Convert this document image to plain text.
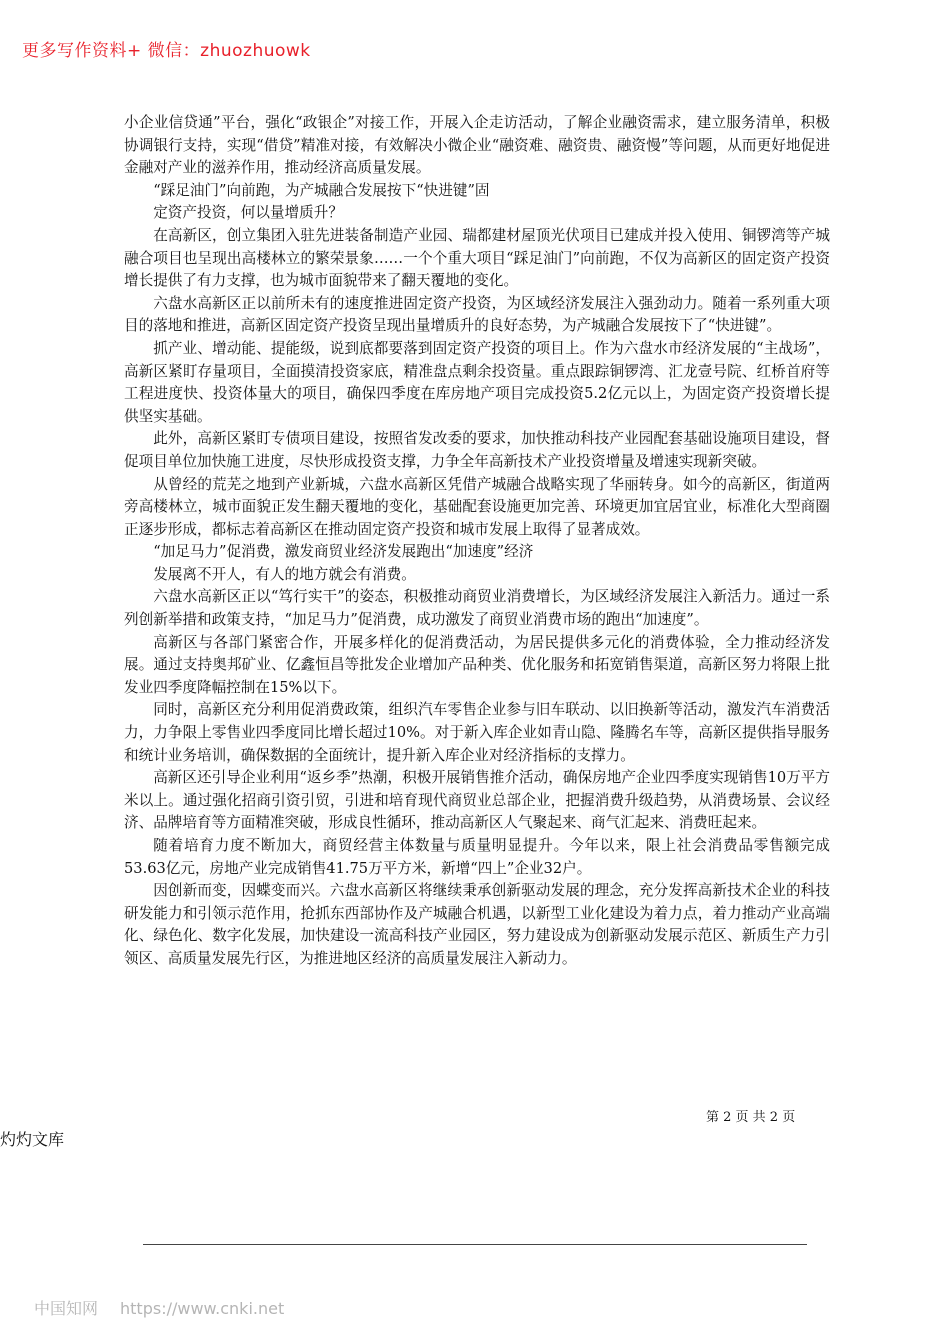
更多写作资料+ 微信：zhuozhuowk

小企业信贷通”平台，强化“政银企”对接工作，开展入企走访活动，了解企业融资需求，建立服务清单，积极协调银行支持，实现“借贷”精准对接，有效解决小微企业“融资难、融资贵、融资慢”等问题，从而更好地促进金融对产业的滋养作用，推动经济高质量发展。

“踩足油门”向前跑，为产城融合发展按下“快进键”固

定资产投资，何以量增质升？

在高新区，创立集团入驻先进装备制造产业园、瑞都建材屋顶光伏项目已建成并投入使用、铜锣湾等产城融合项目也呈现出高楼林立的繁荣景象……一个个重大项目“踩足油门”向前跑，不仅为高新区的固定资产投资增长提供了有力支撑，也为城市面貌带来了翻天覆地的变化。

六盘水高新区正以前所未有的速度推进固定资产投资，为区域经济发展注入强劲动力。随着一系列重大项目的落地和推进，高新区固定资产投资呈现出量增质升的良好态势，为产城融合发展按下了“快进键”。

抓产业、增动能、提能级，说到底都要落到固定资产投资的项目上。作为六盘水市经济发展的“主战场”，高新区紧盯存量项目，全面摸清投资家底，精准盘点剩余投资量。重点跟踪铜锣湾、汇龙壹号院、红桥首府等工程进度快、投资体量大的项目，确保四季度在库房地产项目完成投资5.2亿元以上，为固定资产投资增长提供坚实基础。

此外，高新区紧盯专债项目建设，按照省发改委的要求，加快推动科技产业园配套基础设施项目建设，督促项目单位加快施工进度，尽快形成投资支撑，力争全年高新技术产业投资增量及增速实现新突破。

从曾经的荒芜之地到产业新城，六盘水高新区凭借产城融合战略实现了华丽转身。如今的高新区，街道两旁高楼林立，城市面貌正发生翻天覆地的变化，基础配套设施更加完善、环境更加宜居宜业，标准化大型商圈正逐步形成，都标志着高新区在推动固定资产投资和城市发展上取得了显著成效。

“加足马力”促消费，激发商贸业经济发展跑出“加速度”经济

发展离不开人，有人的地方就会有消费。

六盘水高新区正以“笃行实干”的姿态，积极推动商贸业消费增长，为区域经济发展注入新活力。通过一系列创新举措和政策支持，“加足马力”促消费，成功激发了商贸业消费市场的跑出“加速度”。

高新区与各部门紧密合作，开展多样化的促消费活动，为居民提供多元化的消费体验，全力推动经济发展。通过支持奥邦矿业、亿鑫恒昌等批发企业增加产品种类、优化服务和拓宽销售渠道，高新区努力将限上批发业四季度降幅控制在15%以下。

同时，高新区充分利用促消费政策，组织汽车零售企业参与旧车联动、以旧换新等活动，激发汽车消费活力，力争限上零售业四季度同比增长超过10%。对于新入库企业如青山隐、隆腾名车等，高新区提供指导服务和统计业务培训，确保数据的全面统计，提升新入库企业对经济指标的支撑力。

高新区还引导企业利用“返乡季”热潮，积极开展销售推介活动，确保房地产企业四季度实现销售10万平方米以上。通过强化招商引资引贸，引进和培育现代商贸业总部企业，把握消费升级趋势，从消费场景、会议经济、品牌培育等方面精准突破，形成良性循环，推动高新区人气聚起来、商气汇起来、消费旺起来。

随着培育力度不断加大，商贸经营主体数量与质量明显提升。今年以来，限上社会消费品零售额完成53.63亿元，房地产业完成销售41.75万平方米，新增“四上”企业32户。

因创新而变，因蝶变而兴。六盘水高新区将继续秉承创新驱动发展的理念，充分发挥高新技术企业的科技研发能力和引领示范作用，抢抓东西部协作及产城融合机遇，以新型工业化建设为着力点，着力推动产业高端化、绿色化、数字化发展，加快建设一流高科技产业园区，努力建设成为创新驱动发展示范区、新质生产力引领区、高质量发展先行区，为推进地区经济的高质量发展注入新动力。

第 2 页 共 2 页
灼灼文库
中国知网 https://www.cnki.net
